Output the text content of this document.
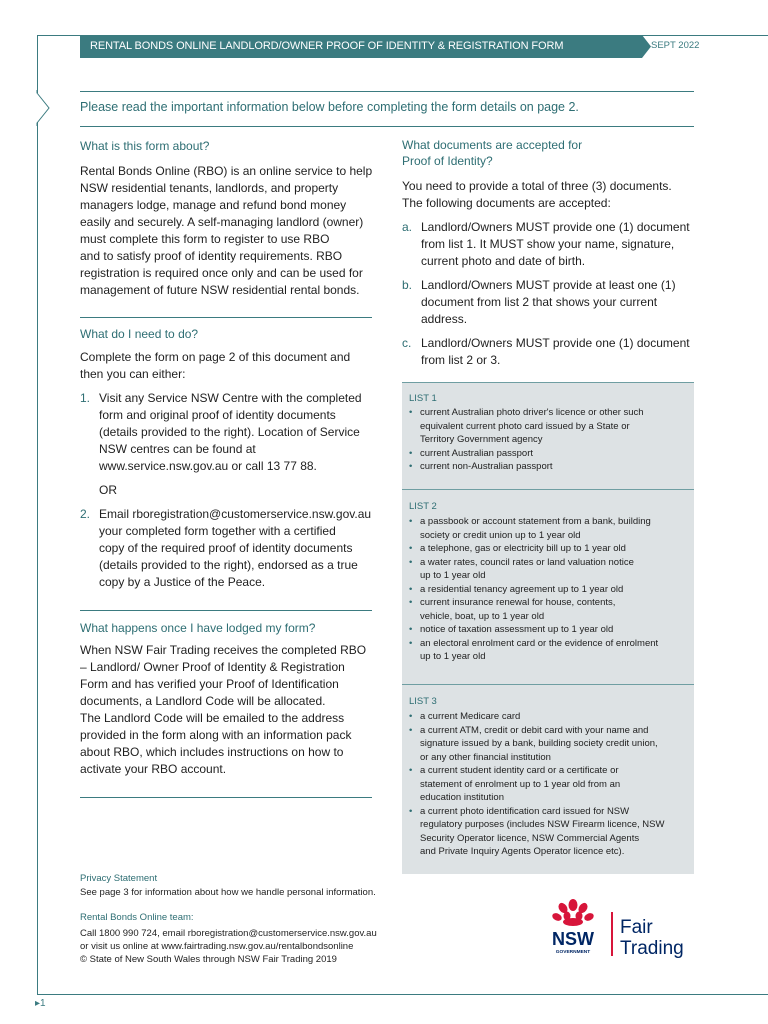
RENTAL BONDS ONLINE LANDLORD/OWNER PROOF OF IDENTITY & REGISTRATION FORM	SEPT 2022
Please read the important information below before completing the form details on page 2.
What is this form about?
Rental Bonds Online (RBO) is an online service to help
NSW residential tenants, landlords, and property
managers lodge, manage and refund bond money
easily and securely. A self-managing landlord (owner)
must complete this form to register to use RBO
and to satisfy proof of identity requirements. RBO
registration is required once only and can be used for
management of future NSW residential rental bonds.
What do I need to do?
Complete the form on page 2 of this document and
then you can either:
1. Visit any Service NSW Centre with the completed
form and original proof of identity documents
(details provided to the right). Location of Service
NSW centres can be found at
www.service.nsw.gov.au or call 13 77 88.
OR
2. Email rboregistration@customerservice.nsw.gov.au
your completed form together with a certified
copy of the required proof of identity documents
(details provided to the right), endorsed as a true
copy by a Justice of the Peace.
What happens once I have lodged my form?
When NSW Fair Trading receives the completed RBO
– Landlord/ Owner Proof of Identity & Registration
Form and has verified your Proof of Identification
documents, a Landlord Code will be allocated.
The Landlord Code will be emailed to the address
provided in the form along with an information pack
about RBO, which includes instructions on how to
activate your RBO account.
What documents are accepted for
Proof of Identity?
You need to provide a total of three (3) documents.
The following documents are accepted:
a. Landlord/Owners MUST provide one (1) document
from list 1. It MUST show your name, signature,
current photo and date of birth.
b. Landlord/Owners MUST provide at least one (1)
document from list 2 that shows your current
address.
c. Landlord/Owners MUST provide one (1) document
from list 2 or 3.
LIST 1
• current Australian photo driver's licence or other such
equivalent current photo card issued by a State or
Territory Government agency
• current Australian passport
• current non-Australian passport
LIST 2
• a passbook or account statement from a bank, building
society or credit union up to 1 year old
• a telephone, gas or electricity bill up to 1 year old
• a water rates, council rates or land valuation notice
up to 1 year old
• a residential tenancy agreement up to 1 year old
• current insurance renewal for house, contents,
vehicle, boat, up to 1 year old
• notice of taxation assessment up to 1 year old
• an electoral enrolment card or the evidence of enrolment
up to 1 year old
LIST 3
• a current Medicare card
• a current ATM, credit or debit card with your name and
signature issued by a bank, building society credit union,
or any other financial institution
• a current student identity card or a certificate or
statement of enrolment up to 1 year old from an
education institution
• a current photo identification card issued for NSW
regulatory purposes (includes NSW Firearm licence, NSW
Security Operator licence, NSW Commercial Agents
and Private Inquiry Agents Operator licence etc).
Privacy Statement
See page 3 for information about how we handle personal information.
Rental Bonds Online team:
Call 1800 990 724, email rboregistration@customerservice.nsw.gov.au
or visit us online at www.fairtrading.nsw.gov.au/rentalbondsonline
© State of New South Wales through NSW Fair Trading 2019
NSW
GOVERNMENT
Fair
Trading
▸1
